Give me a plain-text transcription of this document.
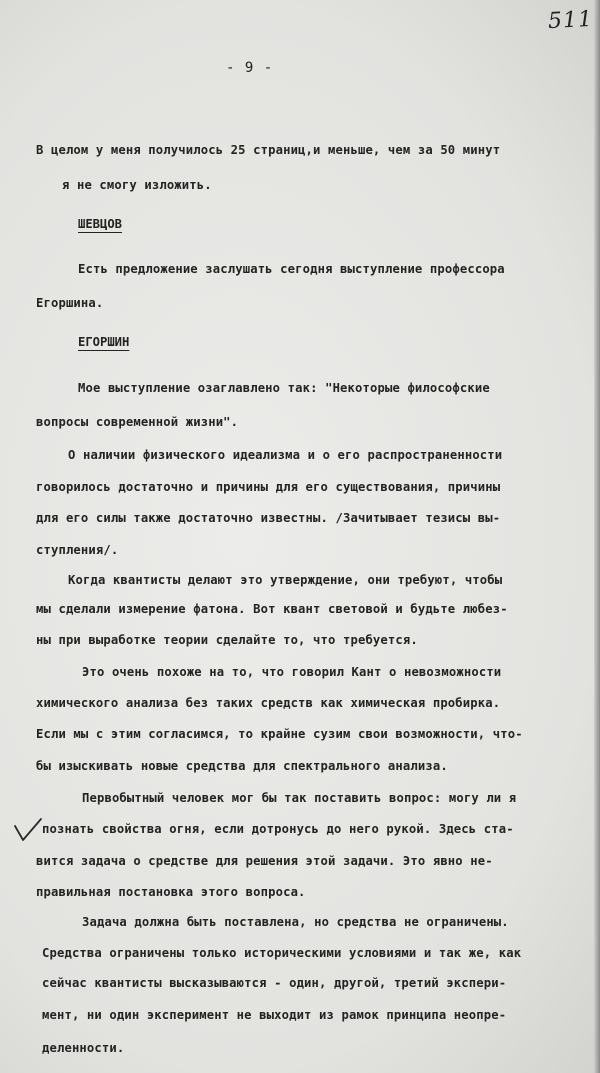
511
- 9 -
В целом у меня получилось 25 страниц,и меньше, чем за 50 минут
я не смогу изложить.
ШЕВЦОВ
Есть предложение заслушать сегодня выступление профессора
Егоршина.
ЕГОРШИН
Мое выступление озаглавлено так: "Некоторые философские
вопросы современной жизни".
О наличии физического идеализма и о его распространенности
говорилось достаточно и причины для его существования, причины
для его силы также достаточно известны. /Зачитывает тезисы вы-
ступления/.
Когда квантисты делают это утверждение, они требуют, чтобы
мы сделали измерение фатона. Вот квант световой и будьте любез-
ны при выработке теории сделайте то, что требуется.
Это очень похоже на то, что говорил Кант о невозможности
химического анализа без таких средств как химическая пробирка.
Если мы с этим согласимся, то крайне сузим свои возможности, что-
бы изыскивать новые средства для спектрального анализа.
Первобытный человек мог бы так поставить вопрос: могу ли я
познать свойства огня, если дотронусь до него рукой. Здесь ста-
вится задача о средстве для решения этой задачи. Это явно не-
правильная постановка этого вопроса.
Задача должна быть поставлена, но средства не ограничены.
Средства ограничены только историческими условиями и так же, как
сейчас квантисты высказываются - один, другой, третий экспери-
мент, ни один эксперимент не выходит из рамок принципа неопре-
деленности.
